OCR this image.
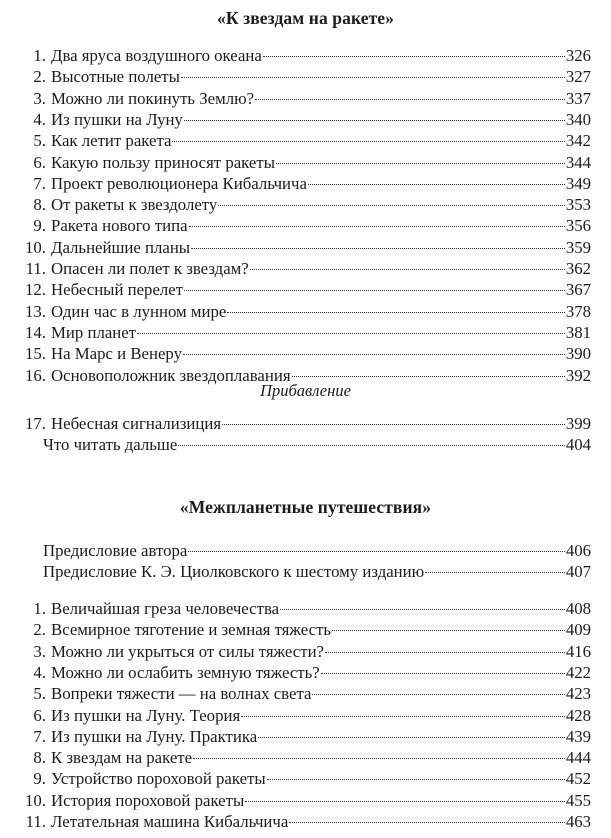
«К звездам на ракете»
Прибавление
«Межпланетные путешествия»
1. Два яруса воздушного океана	326
2. Высотные полеты	327
3. Можно ли покинуть Землю?	337
4. Из пушки на Луну	340
5. Как летит ракета	342
6. Какую пользу приносят ракеты	344
7. Проект революционера Кибальчича	349
8. От ракеты к звездолету	353
9. Ракета нового типа	356
10. Дальнейшие планы	359
11. Опасен ли полет к звездам?	362
12. Небесный перелет	367
13. Один час в лунном мире	378
14. Мир планет	381
15. На Марс и Венеру	390
16. Основоположник звездоплавания	392
17. Небесная сигнализиция	399
Что читать дальше	404
Предисловие автора	406
Предисловие К. Э. Циолковского к шестому изданию	407
1. Величайшая греза человечества	408
2. Всемирное тяготение и земная тяжесть	409
3. Можно ли укрыться от силы тяжести?	416
4. Можно ли ослабить земную тяжесть?	422
5. Вопреки тяжести — на волнах света	423
6. Из пушки на Луну. Теория	428
7. Из пушки на Луну. Практика	439
8. К звездам на ракете	444
9. Устройство пороховой ракеты	452
10. История пороховой ракеты	455
11. Летательная машина Кибальчича	463
